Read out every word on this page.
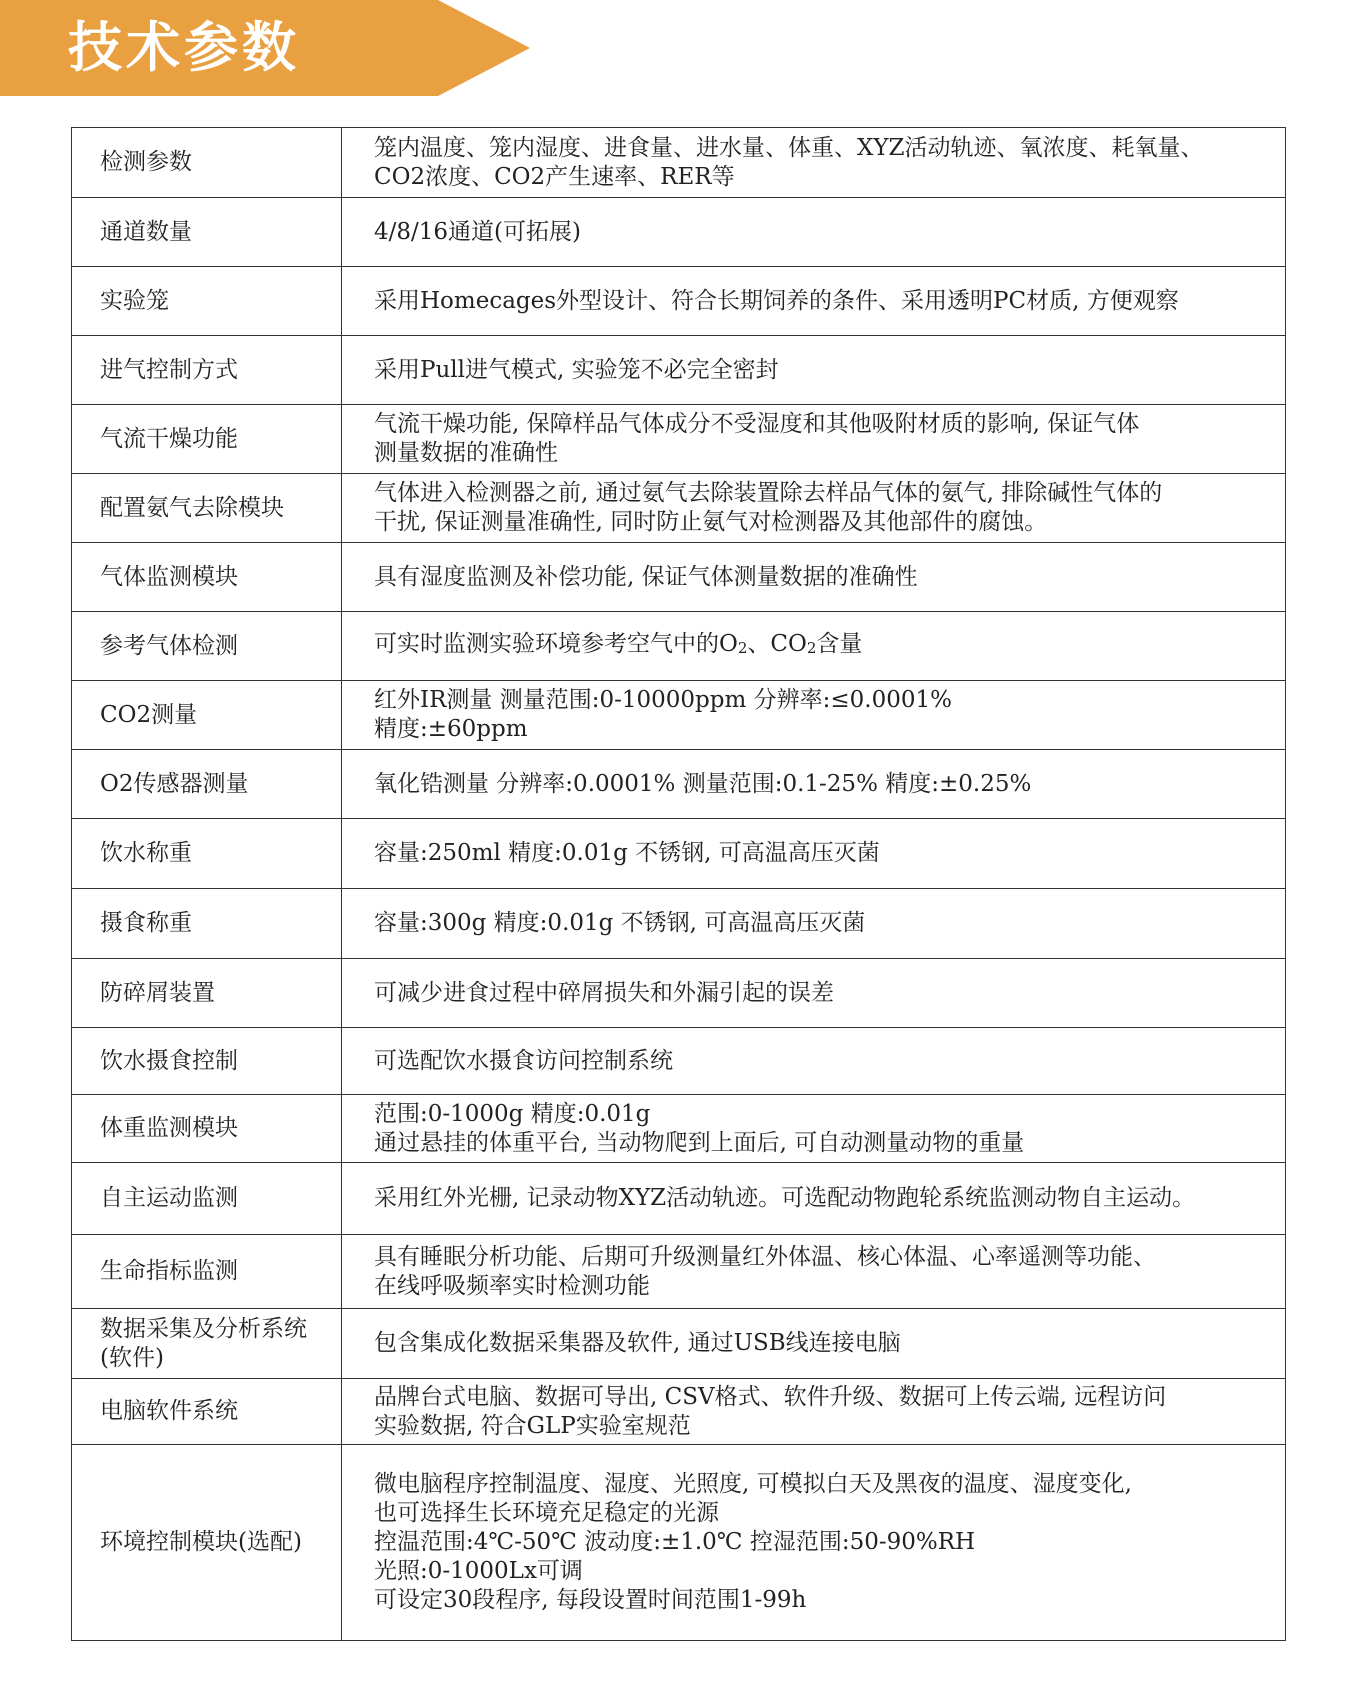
技术参数
检测参数	笼内温度、笼内湿度、进食量、进水量、体重、XYZ活动轨迹、氧浓度、耗氧量、
CO2浓度、CO2产生速率、RER等

通道数量	4/8/16通道(可拓展)

实验笼	采用Homecages外型设计、符合长期饲养的条件、采用透明PC材质, 方便观察

进气控制方式	采用Pull进气模式, 实验笼不必完全密封

气流干燥功能	气流干燥功能, 保障样品气体成分不受湿度和其他吸附材质的影响, 保证气体
测量数据的准确性

配置氨气去除模块	气体进入检测器之前, 通过氨气去除装置除去样品气体的氨气, 排除碱性气体的
干扰, 保证测量准确性, 同时防止氨气对检测器及其他部件的腐蚀。

气体监测模块	具有湿度监测及补偿功能, 保证气体测量数据的准确性

参考气体检测	可实时监测实验环境参考空气中的$O_2$、$CO_2$含量

CO2测量	红外IR测量 测量范围:0-10000ppm 分辨率:≤0.0001%
精度:±60ppm

O2传感器测量	氧化锆测量 分辨率:0.0001% 测量范围:0.1-25% 精度:±0.25%

饮水称重	容量:250ml 精度:0.01g 不锈钢, 可高温高压灭菌

摄食称重	容量:300g 精度:0.01g 不锈钢, 可高温高压灭菌

防碎屑装置	可减少进食过程中碎屑损失和外漏引起的误差

饮水摄食控制	可选配饮水摄食访问控制系统

体重监测模块	范围:0-1000g 精度:0.01g
通过悬挂的体重平台, 当动物爬到上面后, 可自动测量动物的重量

自主运动监测	采用红外光栅, 记录动物XYZ活动轨迹。可选配动物跑轮系统监测动物自主运动。

生命指标监测	具有睡眠分析功能、后期可升级测量红外体温、核心体温、心率遥测等功能、
在线呼吸频率实时检测功能

数据采集及分析系统
(软件)	包含集成化数据采集器及软件, 通过USB线连接电脑

电脑软件系统	品牌台式电脑、数据可导出, CSV格式、软件升级、数据可上传云端, 远程访问
实验数据, 符合GLP实验室规范

环境控制模块(选配)	微电脑程序控制温度、湿度、光照度, 可模拟白天及黑夜的温度、湿度变化,
也可选择生长环境充足稳定的光源
控温范围:4℃-50℃ 波动度:±1.0℃ 控湿范围:50-90%RH
光照:0-1000Lx可调
可设定30段程序, 每段设置时间范围1-99h
